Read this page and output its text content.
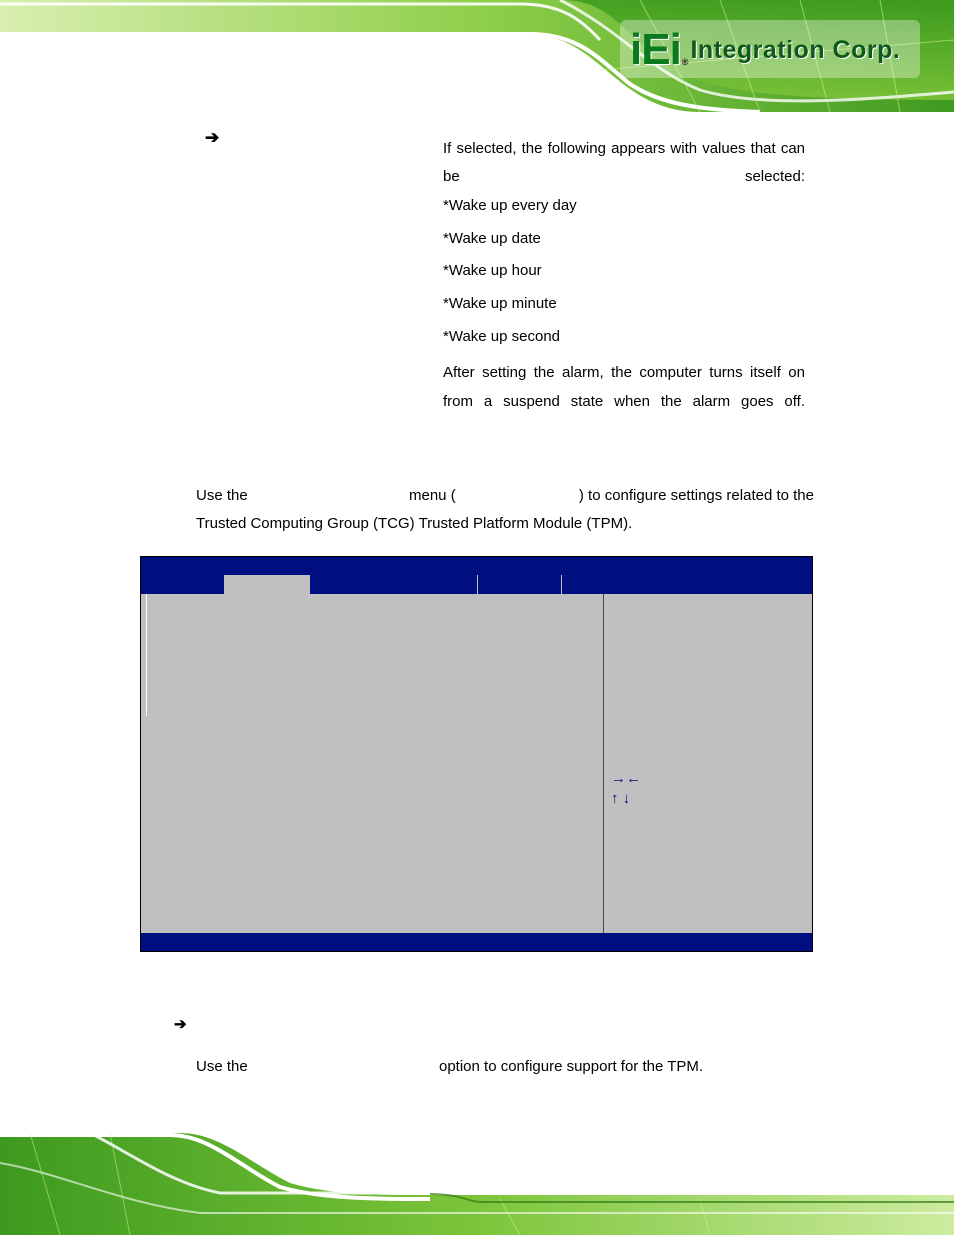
iEi ® Integration Corp.
➔
If selected, the following appears with values that can be selected:
*Wake up every day
*Wake up date
*Wake up hour
*Wake up minute
*Wake up second
After setting the alarm, the computer turns itself on from a suspend state when the alarm goes off.
Use the	menu (	) to configure settings related to the
Trusted Computing Group (TCG) Trusted Platform Module (TPM).
→←
↑ ↓
➔
Use the	option to configure support for the TPM.
